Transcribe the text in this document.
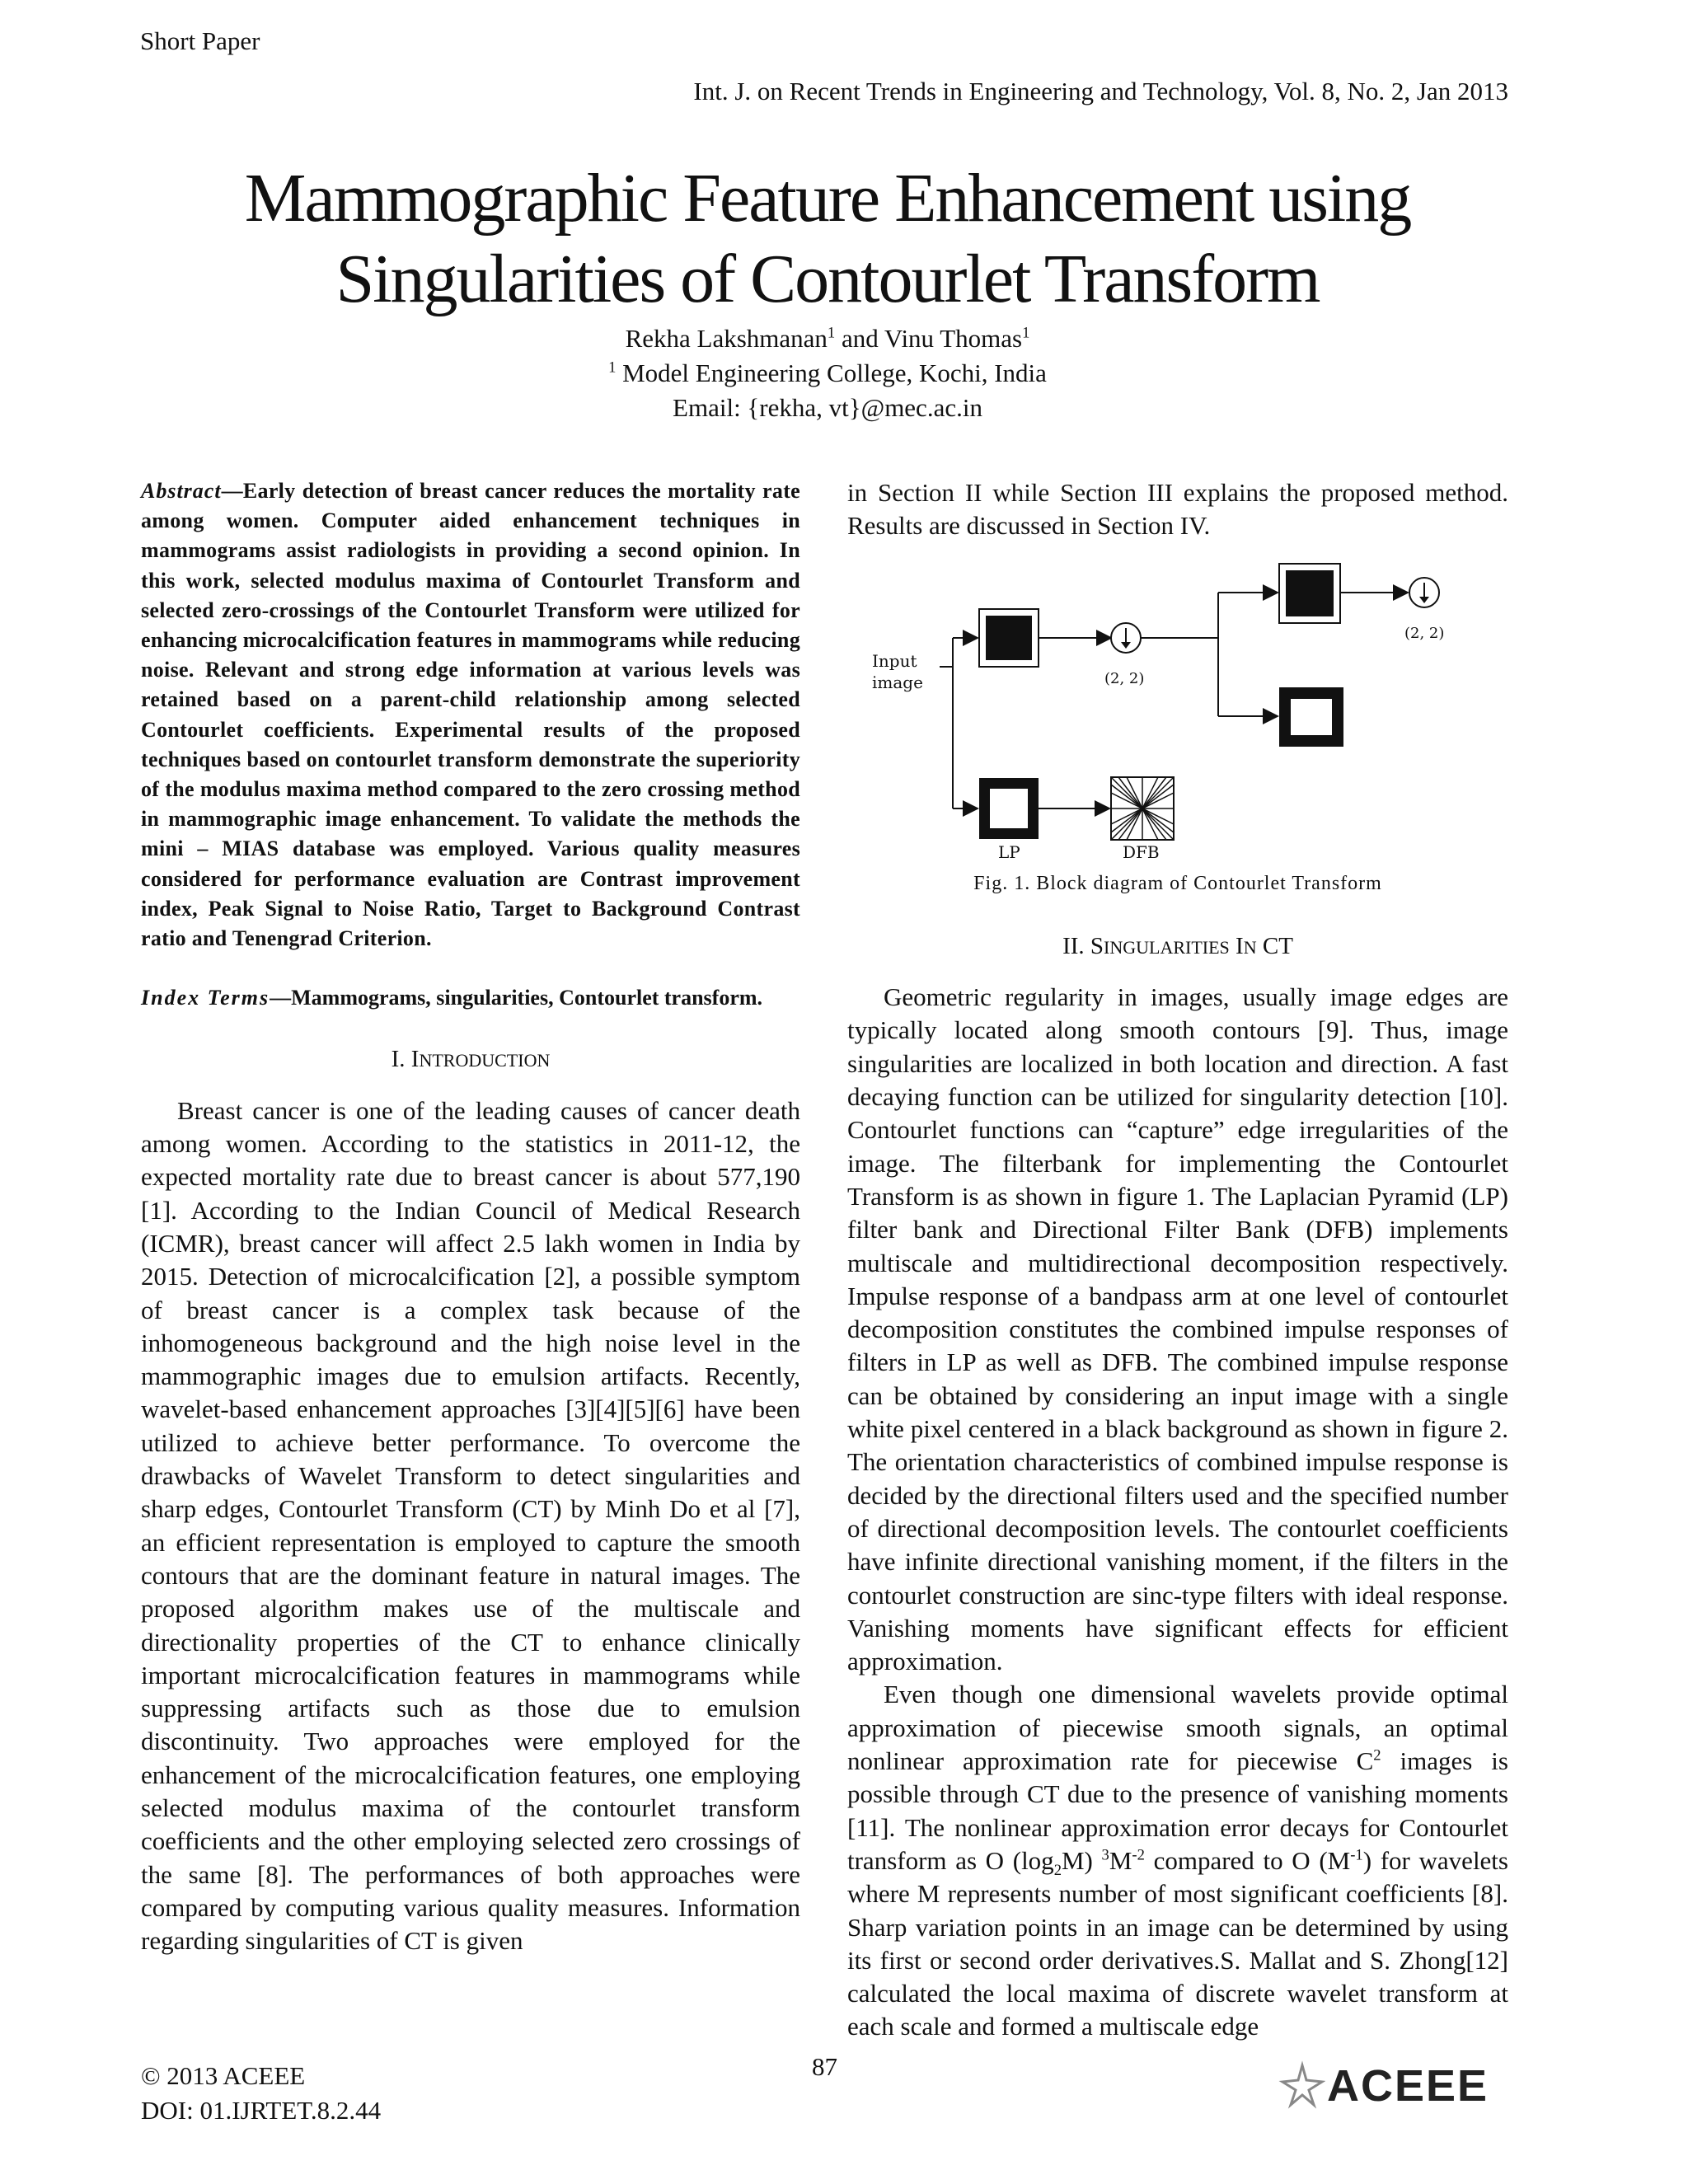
Short Paper
Int. J. on Recent Trends in Engineering and Technology, Vol. 8, No. 2, Jan 2013
Mammographic Feature Enhancement using
Singularities of Contourlet Transform
Rekha Lakshmanan$^1$ and Vinu Thomas$^1$
$^1$ Model Engineering College, Kochi, India
Email: {rekha, vt}@mec.ac.in
Abstract—Early detection of breast cancer reduces the mortality rate among women. Computer aided enhancement techniques in mammograms assist radiologists in providing a second opinion. In this work, selected modulus maxima of Contourlet Transform and selected zero-crossings of the Contourlet Transform were utilized for enhancing microcalcification features in mammograms while reducing noise. Relevant and strong edge information at various levels was retained based on a parent-child relationship among selected Contourlet coefficients. Experimental results of the proposed techniques based on contourlet transform demonstrate the superiority of the modulus maxima method compared to the zero crossing method in mammographic image enhancement. To validate the methods the mini – MIAS database was employed. Various quality measures considered for performance evaluation are Contrast improvement index, Peak Signal to Noise Ratio, Target to Background Contrast ratio and Tenengrad Criterion.
Index Terms—Mammograms, singularities, Contourlet transform.
I. INTRODUCTION

Breast cancer is one of the leading causes of cancer death among women. According to the statistics in 2011-12, the expected mortality rate due to breast cancer is about 577,190 [1]. According to the Indian Council of Medical Research (ICMR), breast cancer will affect 2.5 lakh women in India by 2015. Detection of microcalcification [2], a possible symptom of breast cancer is a complex task because of the inhomogeneous background and the high noise level in the mammographic images due to emulsion artifacts. Recently, wavelet-based enhancement approaches [3][4][5][6] have been utilized to achieve better performance. To overcome the drawbacks of Wavelet Transform to detect singularities and sharp edges, Contourlet Transform (CT) by Minh Do et al [7], an efficient representation is employed to capture the smooth contours that are the dominant feature in natural images. The proposed algorithm makes use of the multiscale and directionality properties of the CT to enhance clinically important microcalcification features in mammograms while suppressing artifacts such as those due to emulsion discontinuity. Two approaches were employed for the enhancement of the microcalcification features, one employing selected modulus maxima of the contourlet transform coefficients and the other employing selected zero crossings of the same [8]. The performances of both approaches were compared by computing various quality measures. Information regarding singularities of CT is given

in Section II while Section III explains the proposed method. Results are discussed in Section IV.

Input
image	(2, 2)
(2, 2)
LP	DFB
Fig. 1. Block diagram of Contourlet Transform
II. SINGULARITIES IN CT

Geometric regularity in images, usually image edges are typically located along smooth contours [9]. Thus, image singularities are localized in both location and direction. A fast decaying function can be utilized for singularity detection [10]. Contourlet functions can “capture” edge irregularities of the image. The filterbank for implementing the Contourlet Transform is as shown in figure 1. The Laplacian Pyramid (LP) filter bank and Directional Filter Bank (DFB) implements multiscale and multidirectional decomposition respectively. Impulse response of a bandpass arm at one level of contourlet decomposition constitutes the combined impulse responses of filters in LP as well as DFB. The combined impulse response can be obtained by considering an input image with a single white pixel centered in a black background as shown in figure 2. The orientation characteristics of combined impulse response is decided by the directional filters used and the specified number of directional decomposition levels. The contourlet coefficients have infinite directional vanishing moment, if the filters in the contourlet construction are sinc-type filters with ideal response. Vanishing moments have significant effects for efficient approximation.

Even though one dimensional wavelets provide optimal approximation of piecewise smooth signals, an optimal nonlinear approximation rate for piecewise $C^2$ images is possible through CT due to the presence of vanishing moments [11]. The nonlinear approximation error decays for Contourlet transform as O $(\log_2M)$ $^3M^{-2}$ compared to O $(M^{-1})$ for wavelets where M represents number of most significant coefficients [8]. Sharp variation points in an image can be determined by using its first or second order derivatives.S. Mallat and S. Zhong[12] calculated the local maxima of discrete wavelet transform at each scale and formed a multiscale edge

© 2013 ACEEE
DOI: 01.IJRTET.8.2.44
87	ACEEE
